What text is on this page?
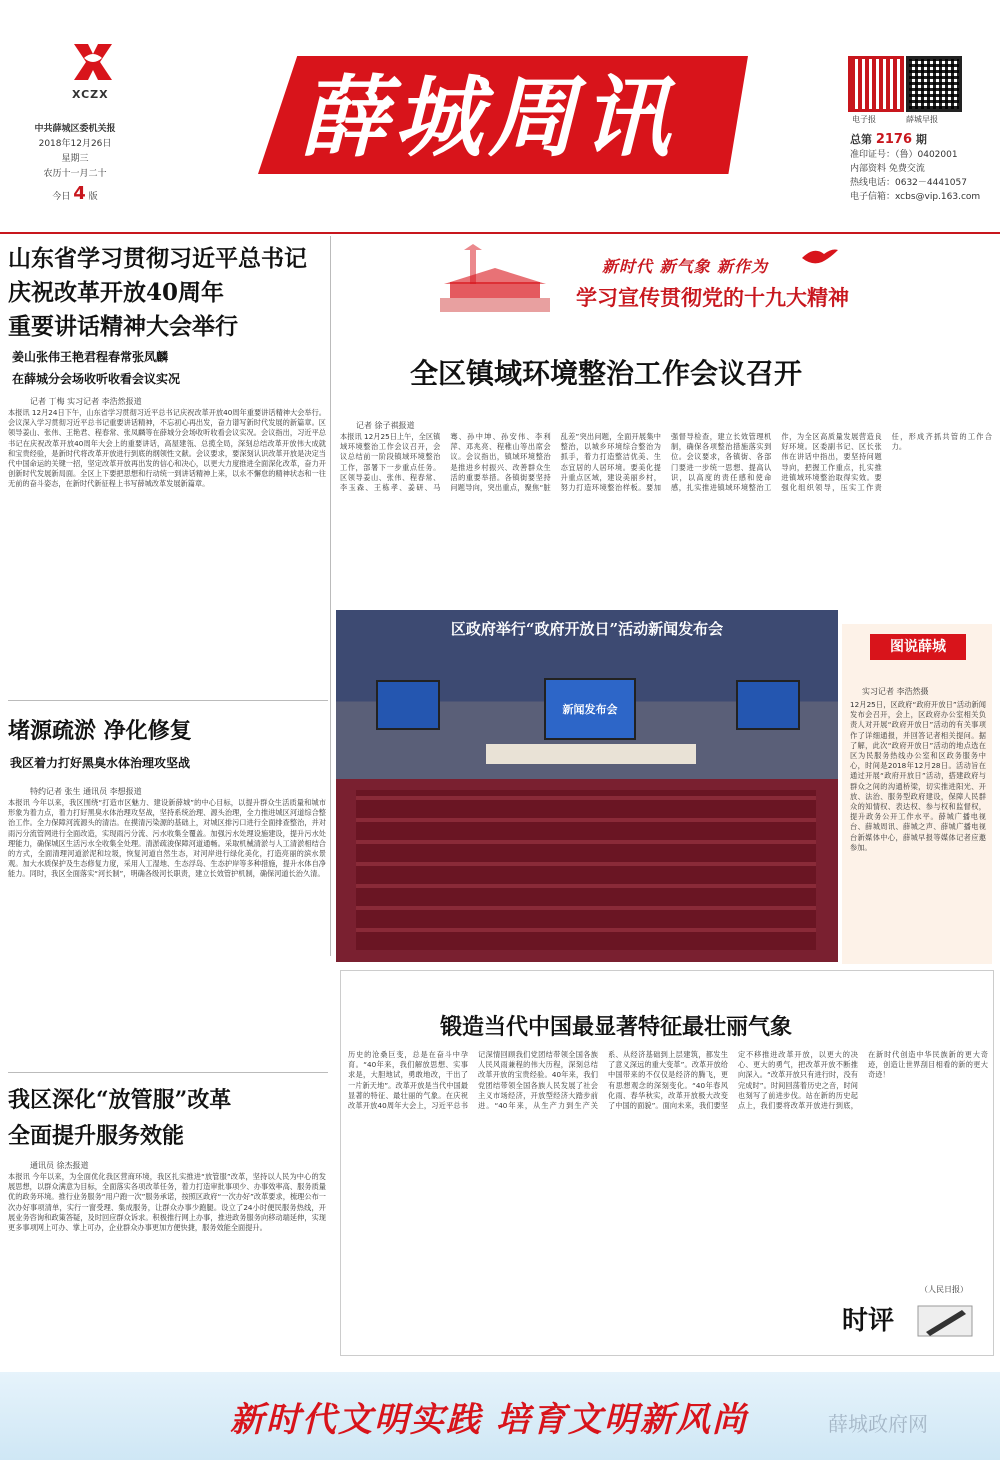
XCZX
中共薛城区委机关报
2018年12月26日
星期三
农历十一月二十
今日 4 版
薛城周讯	电子报	薛城早报
总第 2176 期
准印证号：（鲁）0402001
内部资料 免费交流
热线电话：0632－4441057
电子信箱：xcbs@vip.163.com
山东省学习贯彻习近平总书记
庆祝改革开放40周年
重要讲话精神大会举行
姜山张伟王艳君程春常张凤麟
在薛城分会场收听收看会议实况
记者 丁梅 实习记者 李浩然报道
本报讯 12月24日下午，山东省学习贯彻习近平总书记庆祝改革开放40周年重要讲话精神大会举行。会议深入学习贯彻习近平总书记重要讲话精神，不忘初心再出发，奋力谱写新时代发展的新篇章。区领导姜山、张伟、王艳君、程春常、张凤麟等在薛城分会场收听收看会议实况。会议指出，习近平总书记在庆祝改革开放40周年大会上的重要讲话，高屋建瓴、总揽全局，深刻总结改革开放伟大成就和宝贵经验，是新时代将改革开放进行到底的纲领性文献。会议要求，要深刻认识改革开放是决定当代中国命运的关键一招，坚定改革开放再出发的信心和决心，以更大力度推进全面深化改革，奋力开创新时代发展新局面。全区上下要把思想和行动统一到讲话精神上来，以永不懈怠的精神状态和一往无前的奋斗姿态，在新时代新征程上书写薛城改革发展新篇章。
堵源疏淤 净化修复
我区着力打好黑臭水体治理攻坚战
特约记者 张生 通讯员 李想报道
本报讯 今年以来，我区围绕“打造市区魅力、建设新薛城”的中心目标，以提升群众生活质量和城市形象为着力点，着力打好黑臭水体治理攻坚战，坚持系统治理、源头治理，全力推进城区河道综合整治工作。全力保障河流源头的清洁。在摸清污染源的基础上，对城区排污口进行全面排查整治，并对雨污分流管网进行全面改造，实现雨污分流、污水收集全覆盖。加强污水处理设施建设，提升污水处理能力，确保城区生活污水全收集全处理。清淤疏浚保障河道通畅。采取机械清淤与人工清淤相结合的方式，全面清理河道淤泥和垃圾，恢复河道自然生态，对河岸进行绿化美化，打造亮丽的滨水景观。加大水质保护及生态修复力度，采用人工湿地、生态浮岛、生态护岸等多种措施，提升水体自净能力。同时，我区全面落实“河长制”，明确各级河长职责，建立长效管护机制，确保河道长治久清。
我区深化“放管服”改革
全面提升服务效能
通讯员 徐杰报道
本报讯 今年以来，为全面优化我区营商环境，我区扎实推进“放管服”改革，坚持以人民为中心的发展思想，以群众满意为目标，全面落实各项改革任务，着力打造审批事项少、办事效率高、服务质量优的政务环境。推行业务服务“用户跑一次”服务承诺，按照区政府“一次办好”改革要求，梳理公布一次办好事项清单，实行一窗受理、集成服务，让群众办事少跑腿。设立了24小时便民服务热线，开展业务咨询和政策答疑，及时回应群众诉求。积极推行网上办事，推进政务服务向移动端延伸，实现更多事项网上可办、掌上可办，企业群众办事更加方便快捷，服务效能全面提升。
新时代 新气象 新作为
学习宣传贯彻党的十九大精神
全区镇域环境整治工作会议召开
记者 徐子祺报道
本报讯 12月25日上午，全区镇域环境整治工作会议召开，会议总结前一阶段镇域环境整治工作，部署下一步重点任务。区领导姜山、张伟、程春常、李玉森、王栋孝、姜研、马骞、孙中坤、孙安伟、李利萍、邓兆亮、程稚山等出席会议。会议指出，镇域环境整治是推进乡村振兴、改善群众生活的重要举措。各镇街要坚持问题导向，突出重点，聚焦“脏乱差”突出问题，全面开展集中整治，以城乡环境综合整治为抓手，着力打造整洁优美、生态宜居的人居环境。要美化提升重点区域，建设美丽乡村，努力打造环境整治样板。要加强督导检查，建立长效管理机制，确保各项整治措施落实到位。会议要求，各镇街、各部门要进一步统一思想、提高认识，以高度的责任感和使命感，扎实推进镇域环境整治工作，为全区高质量发展营造良好环境。区委副书记、区长张伟在讲话中指出，要坚持问题导向，把握工作重点，扎实推进镇域环境整治取得实效。要强化组织领导，压实工作责任，形成齐抓共管的工作合力。
新闻发布会
区政府举行“政府开放日”活动新闻发布会
图说薛城
实习记者 李浩然摄
12月25日，区政府“政府开放日”活动新闻发布会召开，会上，区政府办公室相关负责人对开展“政府开放日”活动的有关事项作了详细通报，并回答记者相关提问。据了解，此次“政府开放日”活动的地点选在区为民服务热线办公室和区政务服务中心，时间是2018年12月28日。活动旨在通过开展“政府开放日”活动，搭建政府与群众之间的沟通桥梁，切实推进阳光、开放、法治、服务型政府建设，保障人民群众的知情权、表达权、参与权和监督权，提升政务公开工作水平。薛城广播电视台、薛城周讯、薛城之声、薛城广播电视台新媒体中心，薛城早报等媒体记者应邀参加。
锻造当代中国最显著特征最壮丽气象
历史的沧桑巨变，总是在奋斗中孕育。“40年来，我们解放思想、实事求是，大胆地试，勇敢地改，干出了一片新天地”。改革开放是当代中国最显著的特征、最壮丽的气象。在庆祝改革开放40周年大会上，习近平总书记深情回顾我们党团结带领全国各族人民风雨兼程的伟大历程，深刻总结改革开放的宝贵经验。40年来，我们党团结带领全国各族人民发展了社会主义市场经济，开放型经济大踏步前进。“40年来，从生产力到生产关系、从经济基础到上层建筑，都发生了意义深远的重大变革”。改革开放给中国带来的不仅仅是经济的腾飞，更有思想观念的深刻变化。“40年春风化雨、春华秋实，改革开放极大改变了中国的面貌”。面向未来，我们要坚定不移推进改革开放，以更大的决心、更大的勇气，把改革开放不断推向深入。“改革开放只有进行时，没有完成时”。时间回荡着历史之音，时间也刻写了前进步伐。站在新的历史起点上，我们要将改革开放进行到底，在新时代创造中华民族新的更大奇迹，创造让世界刮目相看的新的更大奇迹！
（人民日报）
时评
新时代文明实践 培育文明新风尚	薛城政府网
